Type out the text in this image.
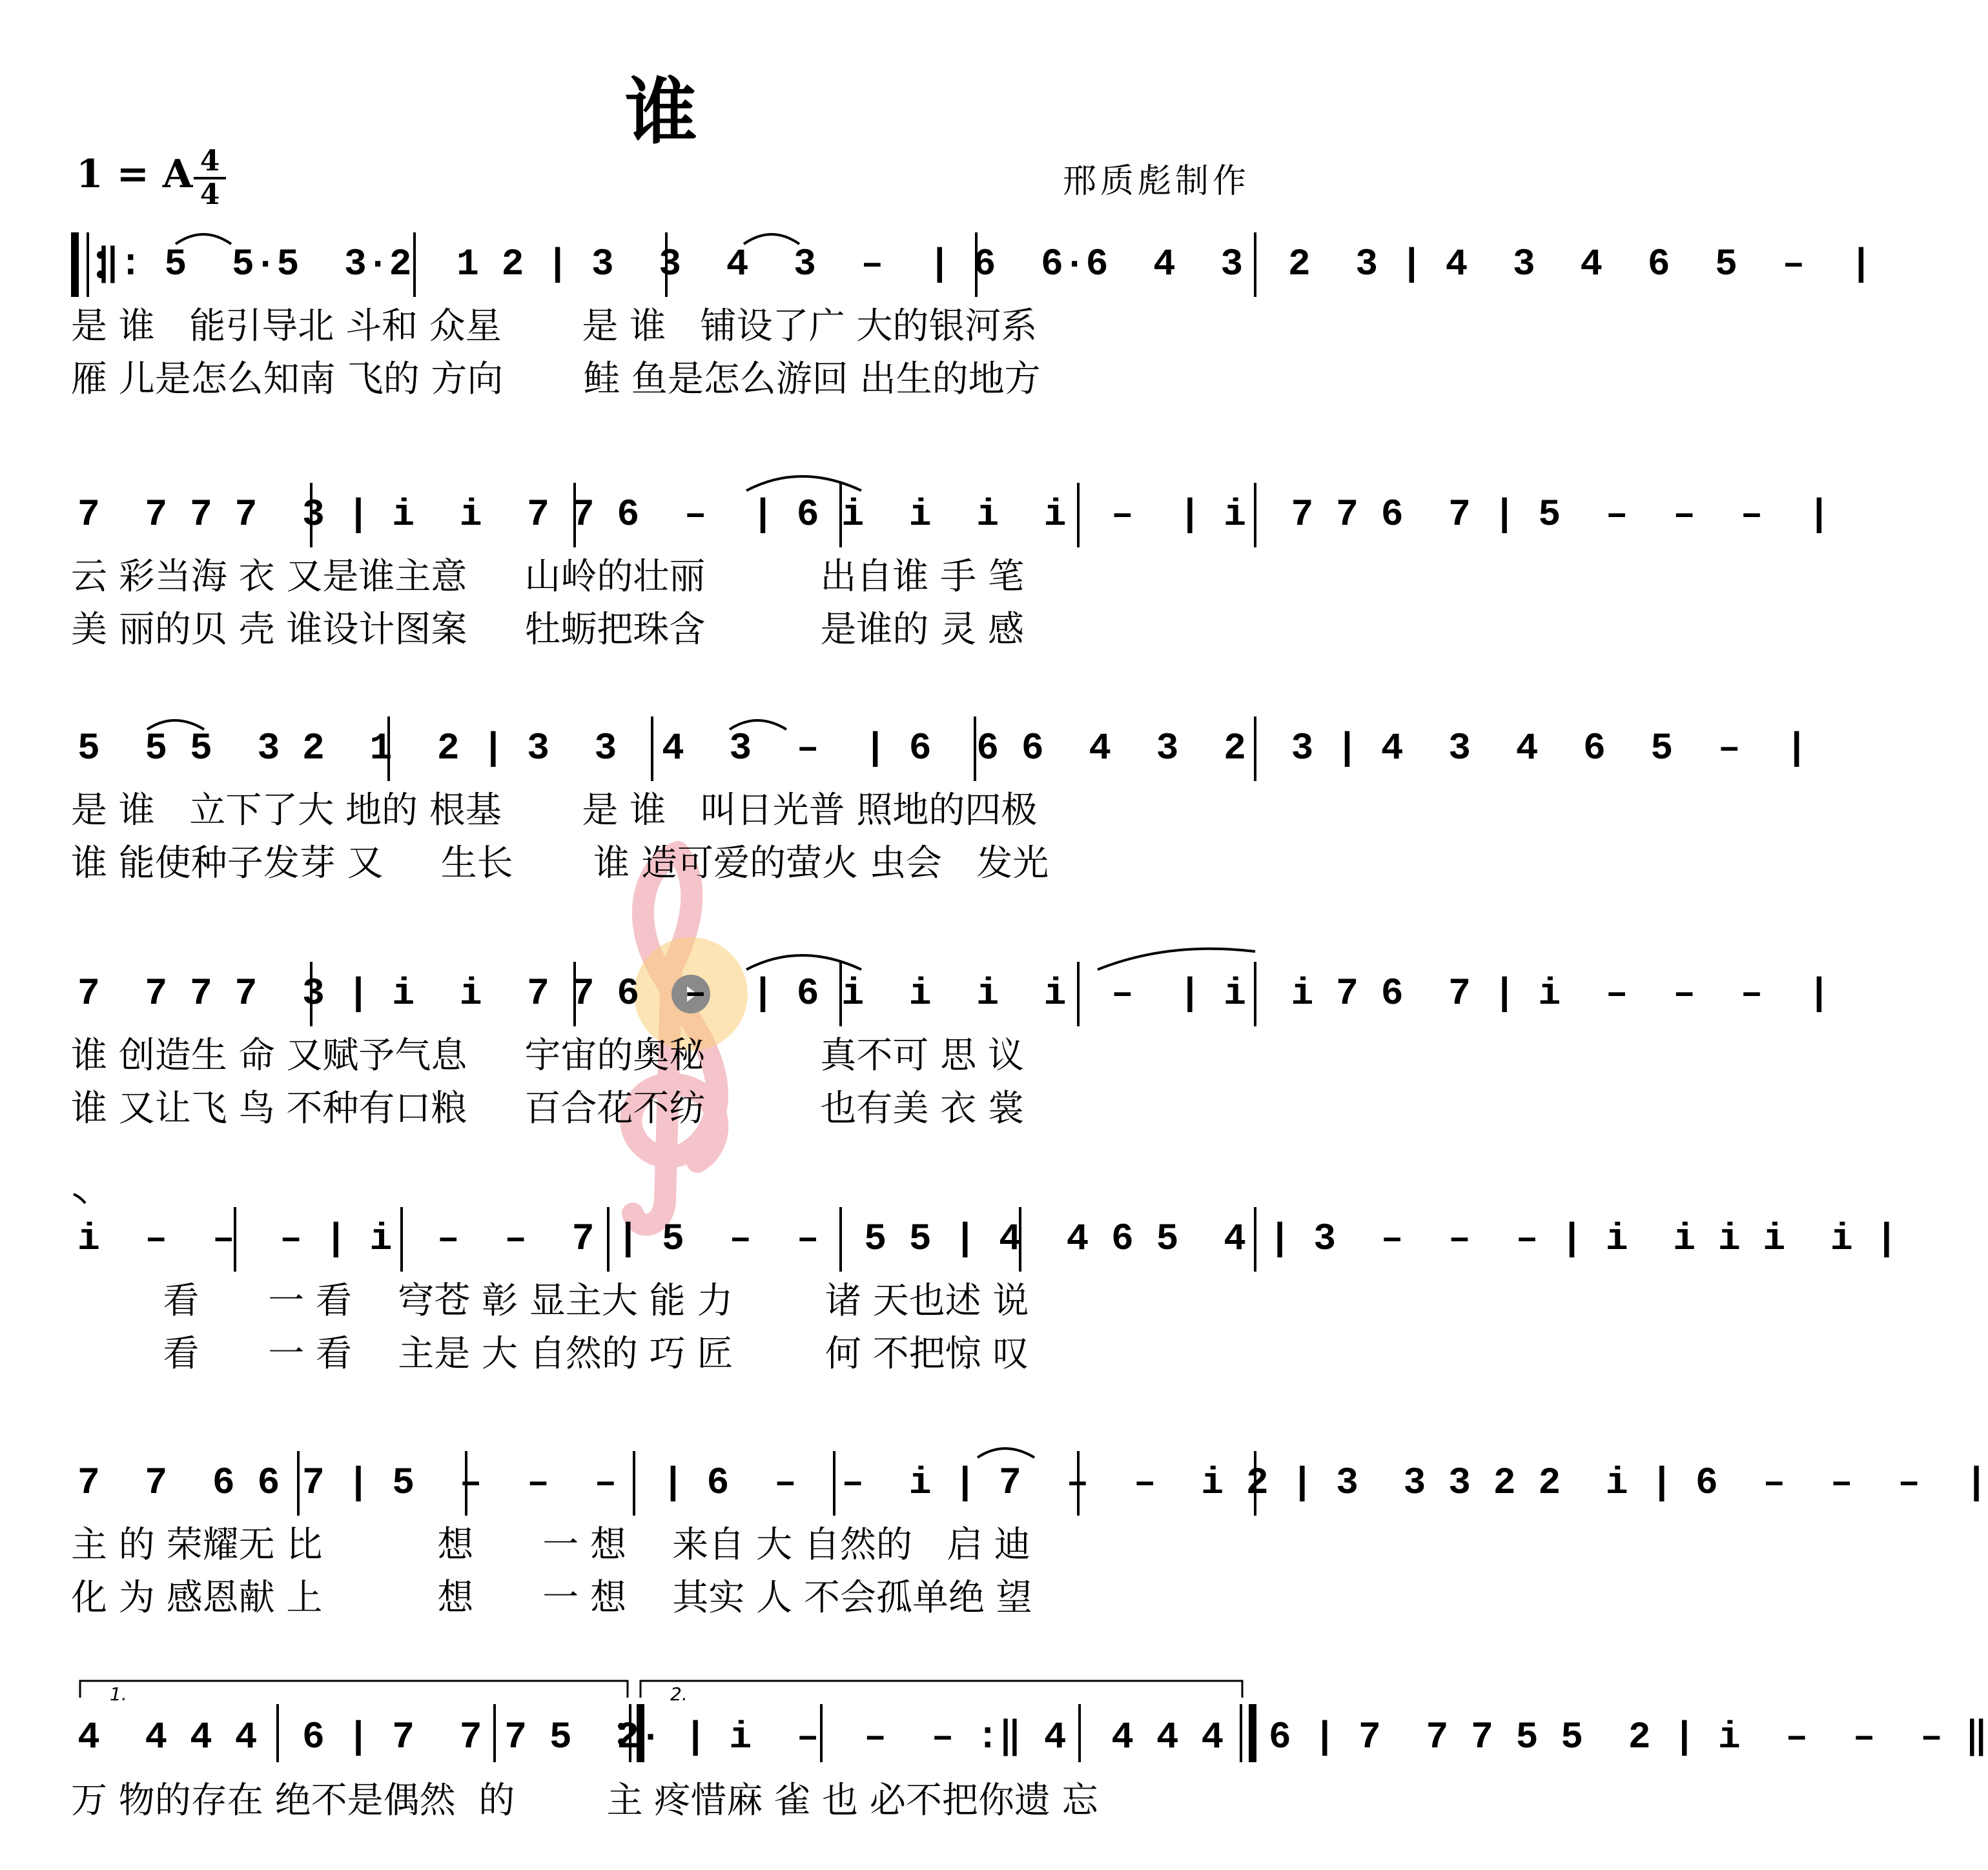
谁
1 = A 4
4	邢质彪制作
‖: 5  5·5  3·2  1 2 | 3  3  4  3  –  | 6  6·6  4  3  2  3 | 4  3  4  6  5  –  |
是 谁   能引导北 斗和 众星       是 谁   铺设了广 大的银河系
雁 儿是怎么知南 飞的 方向       鲑 鱼是怎么游回 出生的地方
7  7 7 7  3 | i  i  7 7 6  –  | 6 i  i  i  i  –  | i  7 7 6  7 | 5  –  –  –  |
云 彩当海 衣 又是谁主意     山岭的壮丽          出自谁 手 笔
美 丽的贝 壳 谁设计图案     牡蛎把珠含          是谁的 灵 感
5  5 5  3 2  1  2 | 3  3  4  3  –  | 6  6 6  4  3  2  3 | 4  3  4  6  5  –  |
是 谁   立下了大 地的 根基       是 谁   叫日光普 照地的四极
谁 能使种子发芽 又     生长       谁 造可爱的萤火 虫会   发光
7  7 7 7  3 | i  i  7 7 6  –  | 6 i  i  i  i  –  | i  i 7 6  7 | i  –  –  –  |
谁 创造生 命 又赋予气息     宇宙的奥秘          真不可 思 议
谁 又让飞 鸟 不种有口粮     百合花不纺          也有美 衣 裳
i  –  –  – | i  –  –  7 | 5  –  –  5 5 | 4  4 6 5  4 | 3  –  –  – | i  i i i  i |
看      一 看    穹苍 彰 显主大 能 力        诸 天也述 说
看      一 看    主是 大 自然的 巧 匠        何 不把惊 叹
7  7  6 6 7 | 5  –  –  –  | 6  –  –  i | 7  –  –  i 2 | 3  3 3 2 2  i | 6  –  –  –  |
主 的 荣耀无 比          想      一 想    来自 大 自然的   启 迪
化 为 感恩献 上          想      一 想    其实 人 不会孤单绝 望
1.	2.
4  4 4 4  6 | 7  7 7 5  2· | i  –  –  – :‖ 4  4 4 4  6 | 7  7 7 5 5  2 | i  –  –  – ‖
万 物的存在 绝不是偶然  的        主 疼惜麻 雀 也 必不把你遗 忘
